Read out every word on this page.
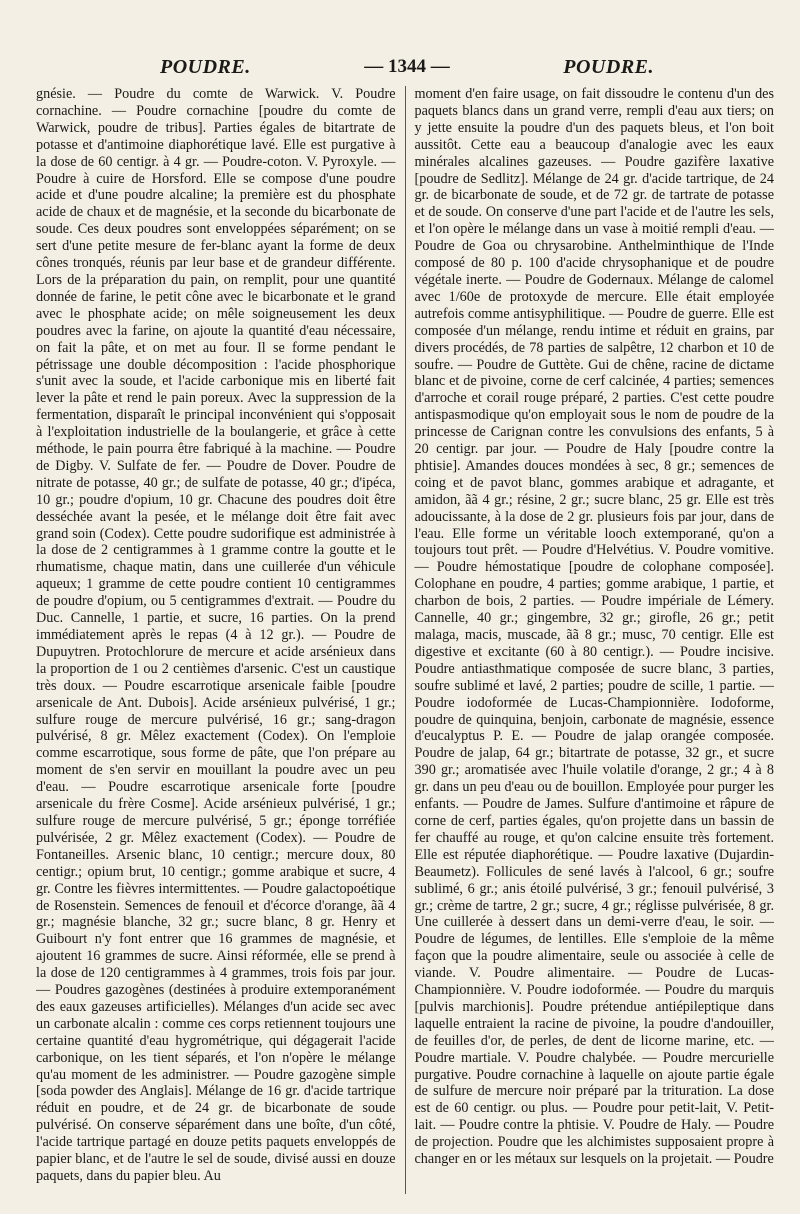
POUDRE.	— 1344 —	POUDRE.

gnésie. — Poudre du comte de Warwick. V. Poudre cornachine. — Poudre cornachine [poudre du comte de Warwick, poudre de tribus]. Parties égales de bitartrate de potasse et d'antimoine diaphorétique lavé. Elle est purgative à la dose de 60 centigr. à 4 gr. — Poudre-coton. V. Pyroxyle. — Poudre à cuire de Horsford. Elle se compose d'une poudre acide et d'une poudre alcaline; la première est du phosphate acide de chaux et de magnésie, et la seconde du bicarbonate de soude. Ces deux poudres sont enveloppées séparément; on se sert d'une petite mesure de fer-blanc ayant la forme de deux cônes tronqués, réunis par leur base et de grandeur différente. Lors de la préparation du pain, on remplit, pour une quantité donnée de farine, le petit cône avec le bicarbonate et le grand avec le phosphate acide; on mêle soigneusement les deux poudres avec la farine, on ajoute la quantité d'eau nécessaire, on fait la pâte, et on met au four. Il se forme pendant le pétrissage une double décomposition : l'acide phosphorique s'unit avec la soude, et l'acide carbonique mis en liberté fait lever la pâte et rend le pain poreux. Avec la suppression de la fermentation, disparaît le principal inconvénient qui s'opposait à l'exploitation industrielle de la boulangerie, et grâce à cette méthode, le pain pourra être fabriqué à la machine. — Poudre de Digby. V. Sulfate de fer. — Poudre de Dover. Poudre de nitrate de potasse, 40 gr.; de sulfate de potasse, 40 gr.; d'ipéca, 10 gr.; poudre d'opium, 10 gr. Chacune des poudres doit être desséchée avant la pesée, et le mélange doit être fait avec grand soin (Codex). Cette poudre sudorifique est administrée à la dose de 2 centigrammes à 1 gramme contre la goutte et le rhumatisme, chaque matin, dans une cuillerée d'un véhicule aqueux; 1 gramme de cette poudre contient 10 centigrammes de poudre d'opium, ou 5 centigrammes d'extrait. — Poudre du Duc. Cannelle, 1 partie, et sucre, 16 parties. On la prend immédiatement après le repas (4 à 12 gr.). — Poudre de Dupuytren. Protochlorure de mercure et acide arsénieux dans la proportion de 1 ou 2 centièmes d'arsenic. C'est un caustique très doux. — Poudre escarrotique arsenicale faible [poudre arsenicale de Ant. Dubois]. Acide arsénieux pulvérisé, 1 gr.; sulfure rouge de mercure pulvérisé, 16 gr.; sang-dragon pulvérisé, 8 gr. Mêlez exactement (Codex). On l'emploie comme escarrotique, sous forme de pâte, que l'on prépare au moment de s'en servir en mouillant la poudre avec un peu d'eau. — Poudre escarrotique arsenicale forte [poudre arsenicale du frère Cosme]. Acide arsénieux pulvérisé, 1 gr.; sulfure rouge de mercure pulvérisé, 5 gr.; éponge torréfiée pulvérisée, 2 gr. Mêlez exactement (Codex). — Poudre de Fontaneilles. Arsenic blanc, 10 centigr.; mercure doux, 80 centigr.; opium brut, 10 centigr.; gomme arabique et sucre, 4 gr. Contre les fièvres intermittentes. — Poudre galactopoétique de Rosenstein. Semences de fenouil et d'écorce d'orange, ãã 4 gr.; magnésie blanche, 32 gr.; sucre blanc, 8 gr. Henry et Guibourt n'y font entrer que 16 grammes de magnésie, et ajoutent 16 grammes de sucre. Ainsi réformée, elle se prend à la dose de 120 centigrammes à 4 grammes, trois fois par jour. — Poudres gazogènes (destinées à produire extemporanément des eaux gazeuses artificielles). Mélanges d'un acide sec avec un carbonate alcalin : comme ces corps retiennent toujours une certaine quantité d'eau hygrométrique, qui dégagerait l'acide carbonique, on les tient séparés, et l'on n'opère le mélange qu'au moment de les administrer. — Poudre gazogène simple [soda powder des Anglais]. Mélange de 16 gr. d'acide tartrique réduit en poudre, et de 24 gr. de bicarbonate de soude pulvérisé. On conserve séparément dans une boîte, d'un côté, l'acide tartrique partagé en douze petits paquets enveloppés de papier blanc, et de l'autre le sel de soude, divisé aussi en douze paquets, dans du papier bleu. Au

moment d'en faire usage, on fait dissoudre le contenu d'un des paquets blancs dans un grand verre, rempli d'eau aux tiers; on y jette ensuite la poudre d'un des paquets bleus, et l'on boit aussitôt. Cette eau a beaucoup d'analogie avec les eaux minérales alcalines gazeuses. — Poudre gazifère laxative [poudre de Sedlitz]. Mélange de 24 gr. d'acide tartrique, de 24 gr. de bicarbonate de soude, et de 72 gr. de tartrate de potasse et de soude. On conserve d'une part l'acide et de l'autre les sels, et l'on opère le mélange dans un vase à moitié rempli d'eau. — Poudre de Goa ou chrysarobine. Anthelminthique de l'Inde composé de 80 p. 100 d'acide chrysophanique et de poudre végétale inerte. — Poudre de Godernaux. Mélange de calomel avec 1/60e de protoxyde de mercure. Elle était employée autrefois comme antisyphilitique. — Poudre de guerre. Elle est composée d'un mélange, rendu intime et réduit en grains, par divers procédés, de 78 parties de salpêtre, 12 charbon et 10 de soufre. — Poudre de Guttète. Gui de chêne, racine de dictame blanc et de pivoine, corne de cerf calcinée, 4 parties; semences d'arroche et corail rouge préparé, 2 parties. C'est cette poudre antispasmodique qu'on employait sous le nom de poudre de la princesse de Carignan contre les convulsions des enfants, 5 à 20 centigr. par jour. — Poudre de Haly [poudre contre la phtisie]. Amandes douces mondées à sec, 8 gr.; semences de coing et de pavot blanc, gommes arabique et adragante, et amidon, ãã 4 gr.; résine, 2 gr.; sucre blanc, 25 gr. Elle est très adoucissante, à la dose de 2 gr. plusieurs fois par jour, dans de l'eau. Elle forme un véritable looch extemporané, qu'on a toujours tout prêt. — Poudre d'Helvétius. V. Poudre vomitive. — Poudre hémostatique [poudre de colophane composée]. Colophane en poudre, 4 parties; gomme arabique, 1 partie, et charbon de bois, 2 parties. — Poudre impériale de Lémery. Cannelle, 40 gr.; gingembre, 32 gr.; girofle, 26 gr.; petit malaga, macis, muscade, ãã 8 gr.; musc, 70 centigr. Elle est digestive et excitante (60 à 80 centigr.). — Poudre incisive. Poudre antiasthmatique composée de sucre blanc, 3 parties, soufre sublimé et lavé, 2 parties; poudre de scille, 1 partie. — Poudre iodoformée de Lucas-Championnière. Iodoforme, poudre de quinquina, benjoin, carbonate de magnésie, essence d'eucalyptus P. E. — Poudre de jalap orangée composée. Poudre de jalap, 64 gr.; bitartrate de potasse, 32 gr., et sucre 390 gr.; aromatisée avec l'huile volatile d'orange, 2 gr.; 4 à 8 gr. dans un peu d'eau ou de bouillon. Employée pour purger les enfants. — Poudre de James. Sulfure d'antimoine et râpure de corne de cerf, parties égales, qu'on projette dans un bassin de fer chauffé au rouge, et qu'on calcine ensuite très fortement. Elle est réputée diaphorétique. — Poudre laxative (Dujardin-Beaumetz). Follicules de sené lavés à l'alcool, 6 gr.; soufre sublimé, 6 gr.; anis étoilé pulvérisé, 3 gr.; fenouil pulvérisé, 3 gr.; crème de tartre, 2 gr.; sucre, 4 gr.; réglisse pulvérisée, 8 gr. Une cuillerée à dessert dans un demi-verre d'eau, le soir. — Poudre de légumes, de lentilles. Elle s'emploie de la même façon que la poudre alimentaire, seule ou associée à celle de viande. V. Poudre alimentaire. — Poudre de Lucas-Championnière. V. Poudre iodoformée. — Poudre du marquis [pulvis marchionis]. Poudre prétendue antiépileptique dans laquelle entraient la racine de pivoine, la poudre d'andouiller, de feuilles d'or, de perles, de dent de licorne marine, etc. — Poudre martiale. V. Poudre chalybée. — Poudre mercurielle purgative. Poudre cornachine à laquelle on ajoute partie égale de sulfure de mercure noir préparé par la trituration. La dose est de 60 centigr. ou plus. — Poudre pour petit-lait, V. Petit-lait. — Poudre contre la phtisie. V. Poudre de Haly. — Poudre de projection. Poudre que les alchimistes supposaient propre à changer en or les métaux sur lesquels on la projetait. — Poudre
